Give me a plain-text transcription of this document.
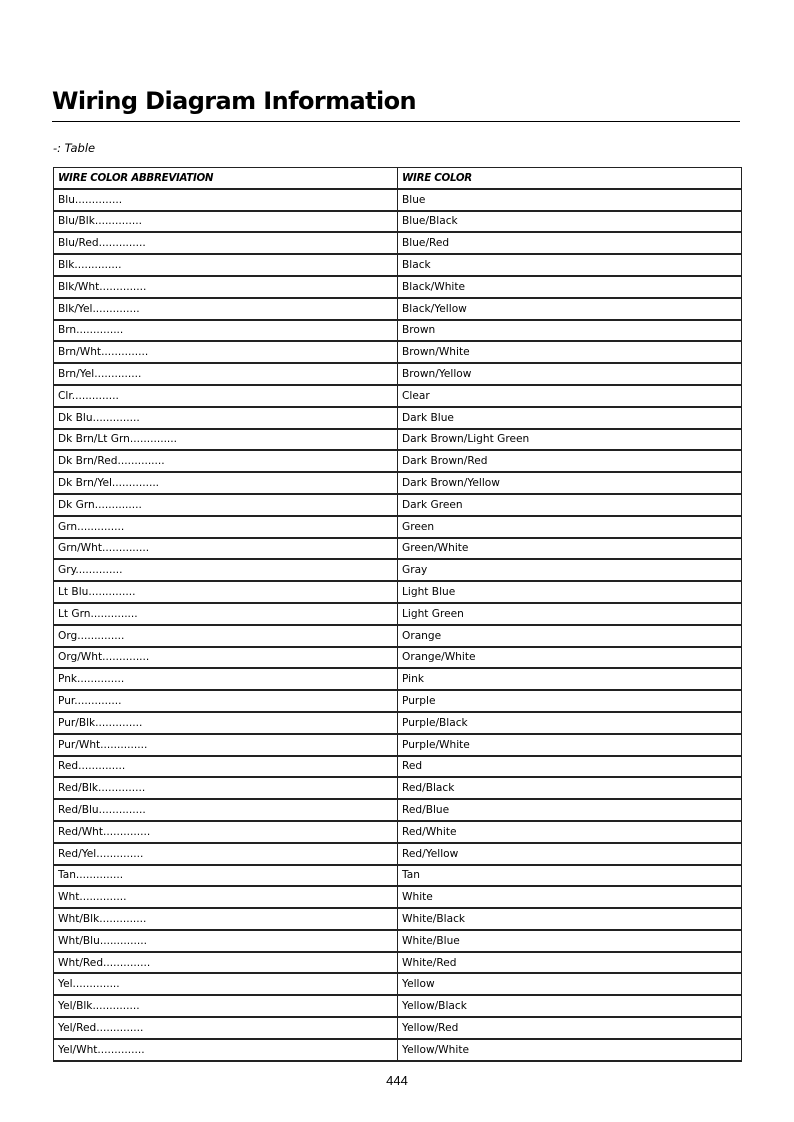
Wiring Diagram Information
-: Table
WIRE COLOR ABBREVIATION	WIRE COLOR
Blu..............	Blue
Blu/Blk..............	Blue/Black
Blu/Red..............	Blue/Red
Blk..............	Black
Blk/Wht..............	Black/White
Blk/Yel..............	Black/Yellow
Brn..............	Brown
Brn/Wht..............	Brown/White
Brn/Yel..............	Brown/Yellow
Clr..............	Clear
Dk Blu..............	Dark Blue
Dk Brn/Lt Grn..............	Dark Brown/Light Green
Dk Brn/Red..............	Dark Brown/Red
Dk Brn/Yel..............	Dark Brown/Yellow
Dk Grn..............	Dark Green
Grn..............	Green
Grn/Wht..............	Green/White
Gry..............	Gray
Lt Blu..............	Light Blue
Lt Grn..............	Light Green
Org..............	Orange
Org/Wht..............	Orange/White
Pnk..............	Pink
Pur..............	Purple
Pur/Blk..............	Purple/Black
Pur/Wht..............	Purple/White
Red..............	Red
Red/Blk..............	Red/Black
Red/Blu..............	Red/Blue
Red/Wht..............	Red/White
Red/Yel..............	Red/Yellow
Tan..............	Tan
Wht..............	White
Wht/Blk..............	White/Black
Wht/Blu..............	White/Blue
Wht/Red..............	White/Red
Yel..............	Yellow
Yel/Blk..............	Yellow/Black
Yel/Red..............	Yellow/Red
Yel/Wht..............	Yellow/White
444
